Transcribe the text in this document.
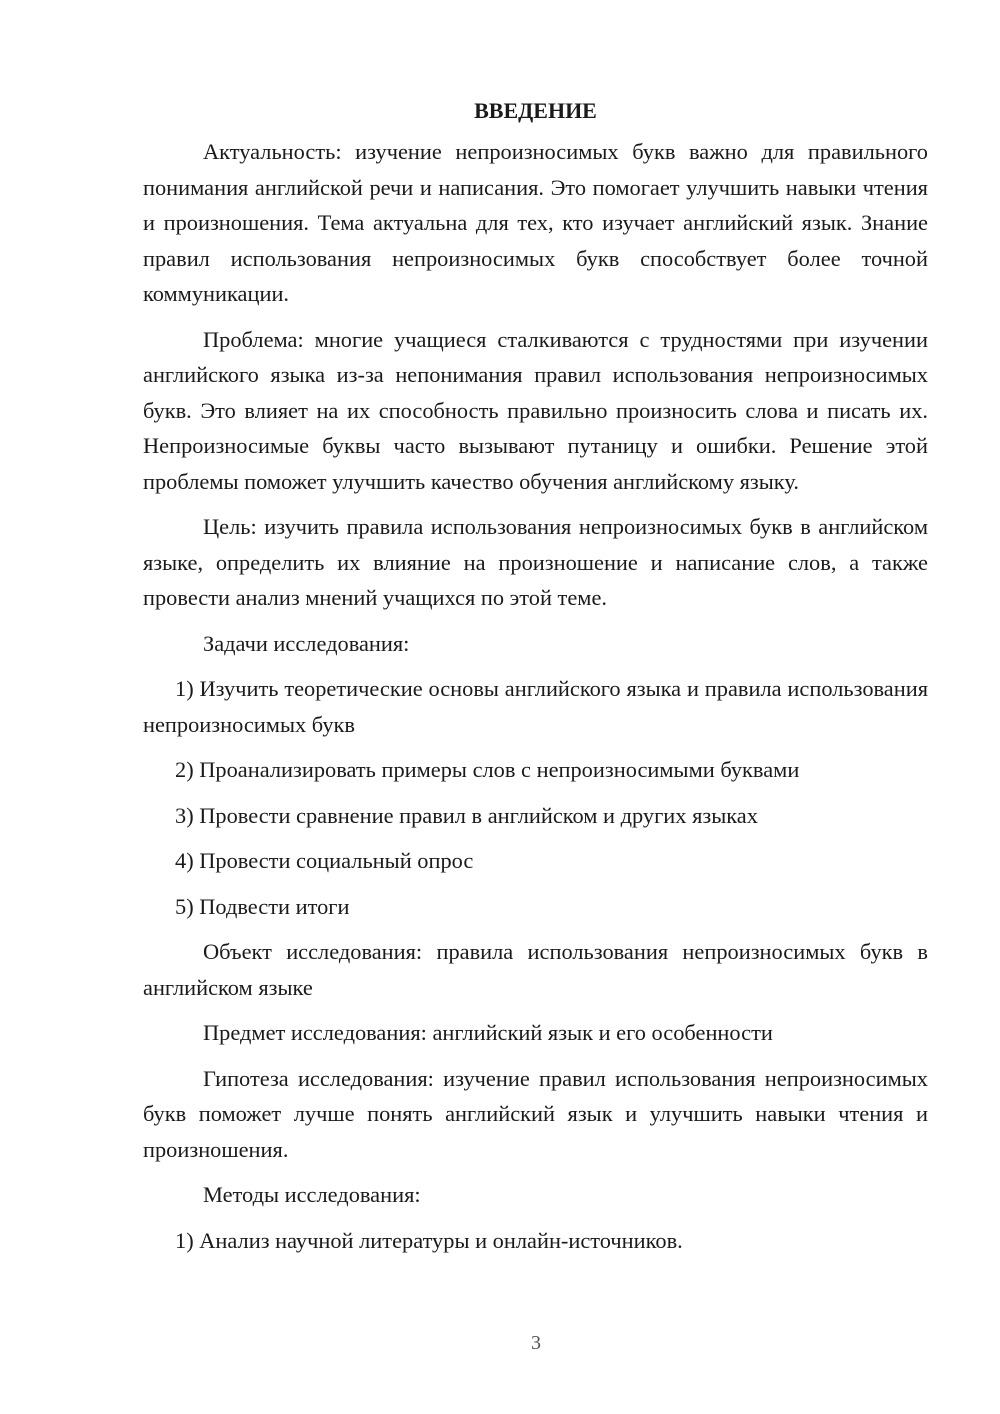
ВВЕДЕНИЕ

Актуальность: изучение непроизносимых букв важно для правильного понимания английской речи и написания. Это помогает улучшить навыки чтения и произношения. Тема актуальна для тех, кто изучает английский язык. Знание правил использования непроизносимых букв способствует более точной коммуникации.

Проблема: многие учащиеся сталкиваются с трудностями при изучении английского языка из-за непонимания правил использования непроизносимых букв. Это влияет на их способность правильно произносить слова и писать их. Непроизносимые буквы часто вызывают путаницу и ошибки. Решение этой проблемы поможет улучшить качество обучения английскому языку.

Цель: изучить правила использования непроизносимых букв в английском языке, определить их влияние на произношение и написание слов, а также провести анализ мнений учащихся по этой теме.

Задачи исследования:

1) Изучить теоретические основы английского языка и правила использования непроизносимых букв

2) Проанализировать примеры слов с непроизносимыми буквами

3) Провести сравнение правил в английском и других языках

4) Провести социальный опрос

5) Подвести итоги

Объект исследования: правила использования непроизносимых букв в английском языке

Предмет исследования: английский язык и его особенности

Гипотеза исследования: изучение правил использования непроизносимых букв поможет лучше понять английский язык и улучшить навыки чтения и произношения.

Методы исследования:

1) Анализ научной литературы и онлайн-источников.

3
